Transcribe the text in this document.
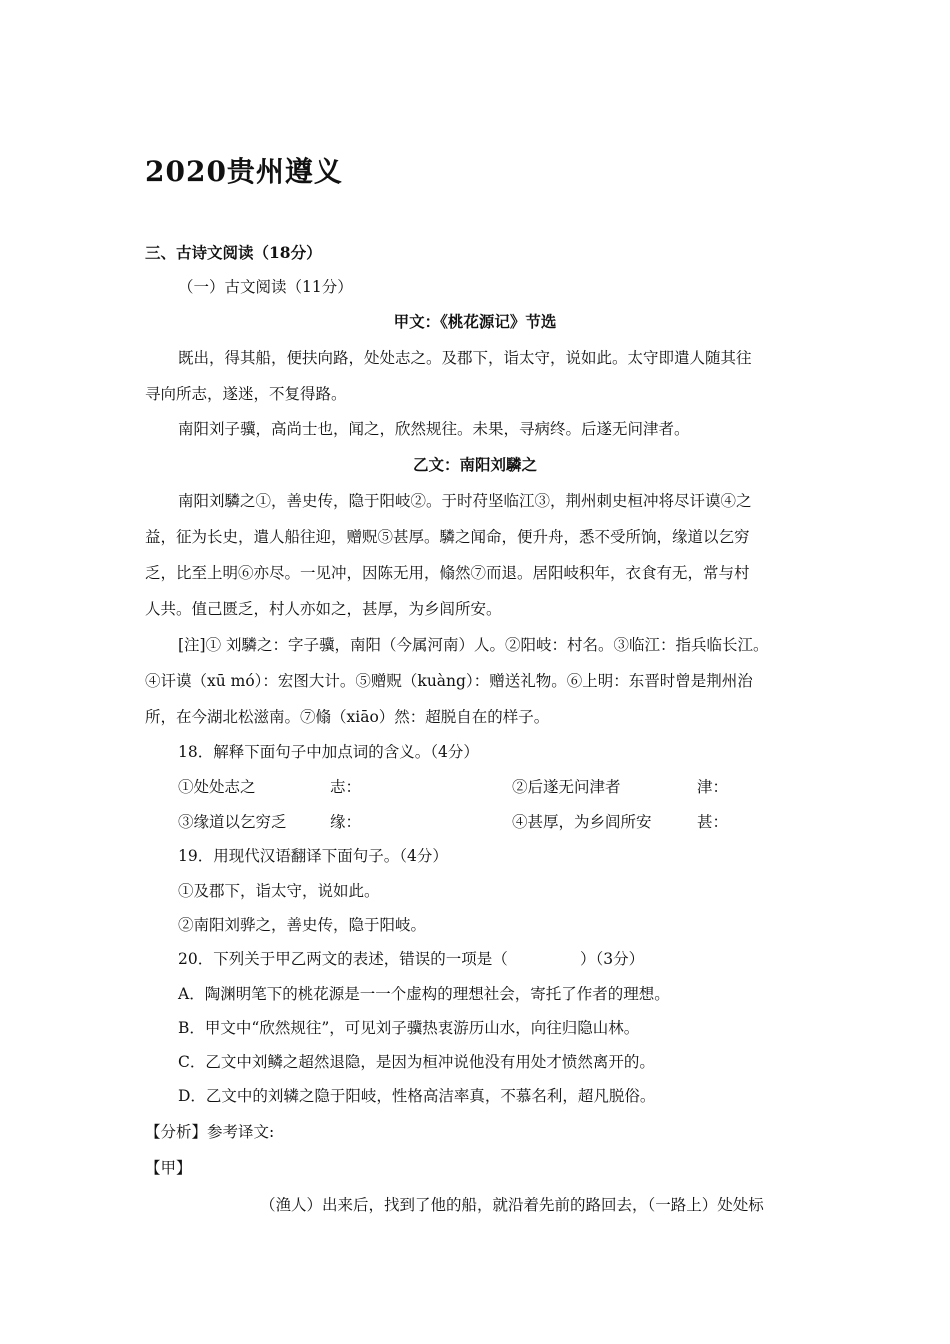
2020贵州遵义
三、古诗文阅读（18分）
（一）古文阅读（11分）
甲文：《桃花源记》节选
既出，得其船，便扶向路，处处志之。及郡下，诣太守，说如此。太守即遣人随其往
寻向所志，遂迷，不复得路。
南阳刘子骥，高尚士也，闻之，欣然规往。未果，寻病终。后遂无问津者。
乙文：南阳刘驎之
南阳刘驎之①，善史传，隐于阳岐②。于时苻坚临江③，荆州刺史桓冲将尽讦谟④之
益，征为长史，遣人船往迎，赠贶⑤甚厚。驎之闻命，便升舟，悉不受所饷，缘道以乞穷
乏，比至上明⑥亦尽。一见冲，因陈无用，翛然⑦而退。居阳岐积年，衣食有无，常与村
人共。值己匮乏，村人亦如之，甚厚，为乡闾所安。
[注]① 刘驎之：字子骥，南阳（今属河南）人。②阳岐：村名。③临江：指兵临长江。
④讦谟（xū mó）：宏图大计。⑤赠贶（kuàng）：赠送礼物。⑥上明：东晋时曾是荆州治
所，在今湖北松滋南。⑦翛（xiāo）然：超脱自在的样子。
18．解释下面句子中加点词的含义。（4分）
①处处志之	志：	②后遂无问津者	津：
③缘道以乞穷乏	缘：	④甚厚，为乡闾所安	甚：
19．用现代汉语翻译下面句子。（4分）
①及郡下，诣太守，说如此。
②南阳刘骅之，善史传，隐于阳岐。
20．下列关于甲乙两文的表述，错误的一项是（	）（3分）
A．陶渊明笔下的桃花源是一一个虚构的理想社会，寄托了作者的理想。
B．甲文中“欣然规往”，可见刘子骥热衷游历山水，向往归隐山林。
C．乙文中刘鳞之超然退隐，是因为桓冲说他没有用处才愤然离开的。
D．乙文中的刘辚之隐于阳岐，性格高洁率真，不慕名利，超凡脱俗。
【分析】参考译文:
【甲】
（渔人）出来后，找到了他的船，就沿着先前的路回去，（一路上）处处标
